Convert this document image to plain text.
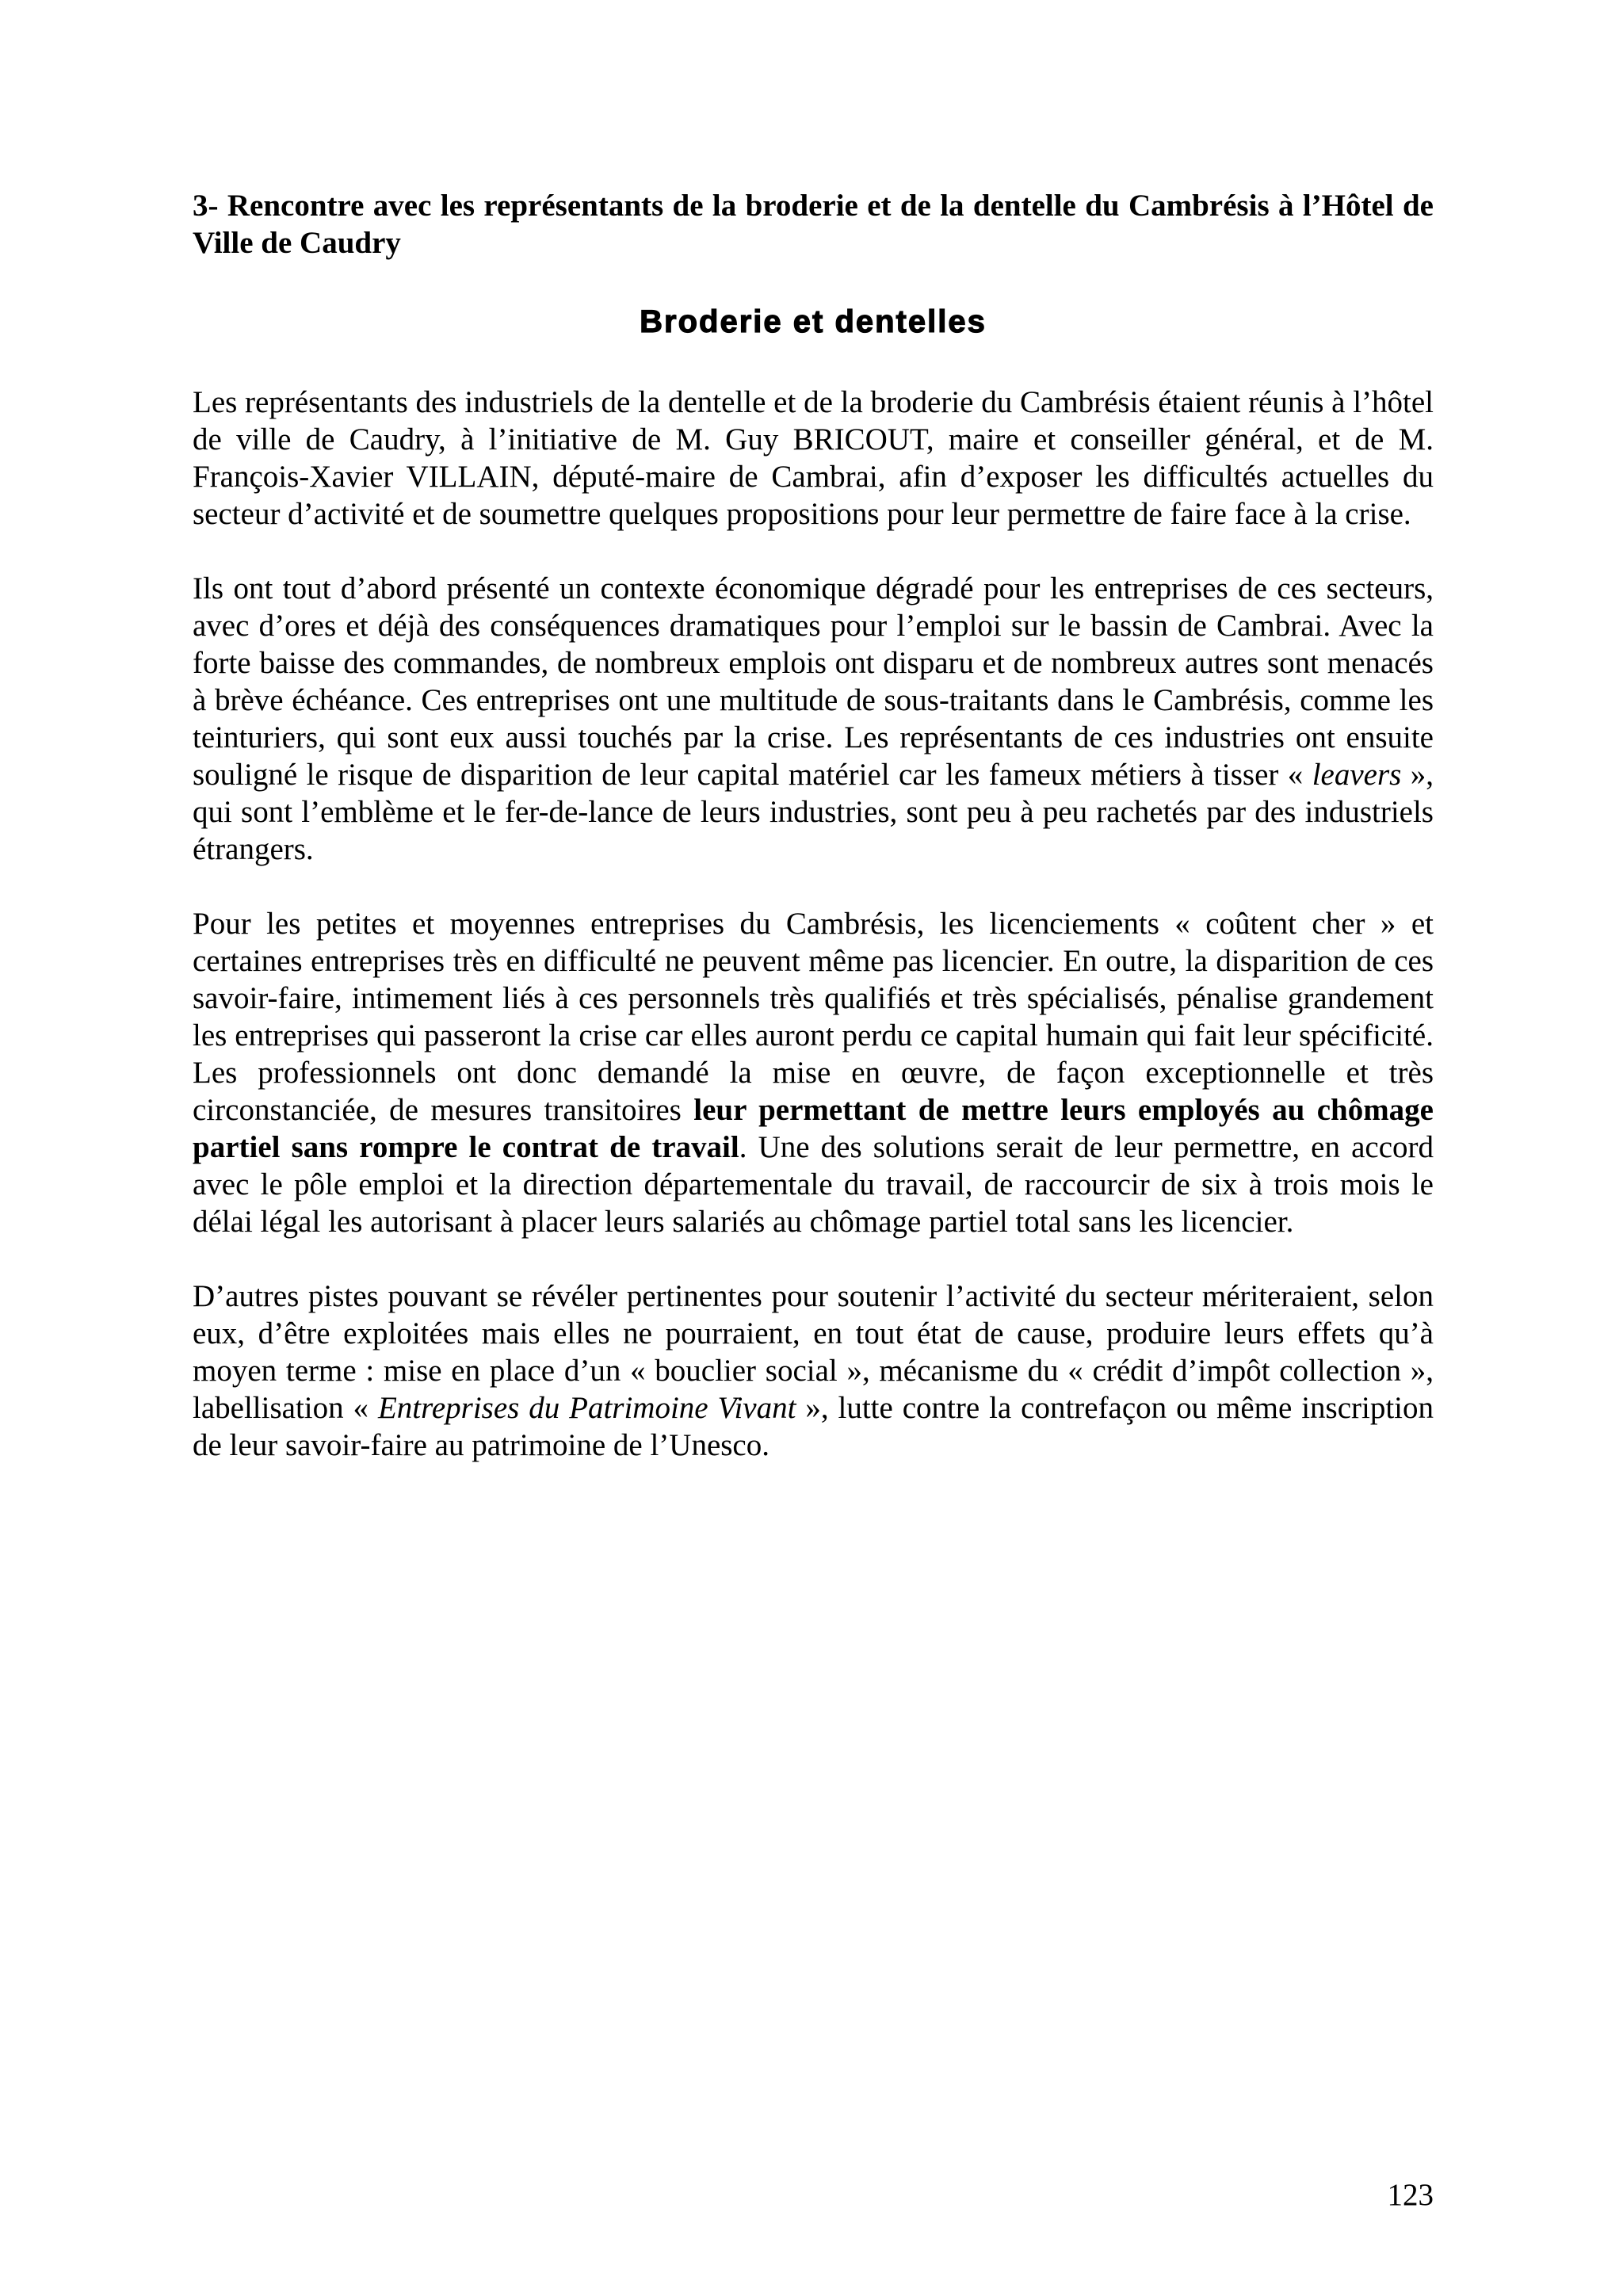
3- Rencontre avec les représentants de la broderie et de la dentelle du Cambrésis à l’Hôtel de Ville de Caudry

Broderie et dentelles

Les représentants des industriels de la dentelle et de la broderie du Cambrésis étaient réunis à l’hôtel de ville de Caudry, à l’initiative de M. Guy BRICOUT, maire et conseiller général, et de M. François-Xavier VILLAIN, député-maire de Cambrai, afin d’exposer les difficultés actuelles du secteur d’activité et de soumettre quelques propositions pour leur permettre de faire face à la crise.

Ils ont tout d’abord présenté un contexte économique dégradé pour les entreprises de ces secteurs, avec d’ores et déjà des conséquences dramatiques pour l’emploi sur le bassin de Cambrai. Avec la forte baisse des commandes, de nombreux emplois ont disparu et de nombreux autres sont menacés à brève échéance. Ces entreprises ont une multitude de sous-traitants dans le Cambrésis, comme les teinturiers, qui sont eux aussi touchés par la crise. Les représentants de ces industries ont ensuite souligné le risque de disparition de leur capital matériel car les fameux métiers à tisser « leavers », qui sont l’emblème et le fer-de-lance de leurs industries, sont peu à peu rachetés par des industriels étrangers.

Pour les petites et moyennes entreprises du Cambrésis, les licenciements « coûtent cher » et certaines entreprises très en difficulté ne peuvent même pas licencier. En outre, la disparition de ces savoir-faire, intimement liés à ces personnels très qualifiés et très spécialisés, pénalise grandement les entreprises qui passeront la crise car elles auront perdu ce capital humain qui fait leur spécificité. Les professionnels ont donc demandé la mise en œuvre, de façon exceptionnelle et très circonstanciée, de mesures transitoires leur permettant de mettre leurs employés au chômage partiel sans rompre le contrat de travail. Une des solutions serait de leur permettre, en accord avec le pôle emploi et la direction départementale du travail, de raccourcir de six à trois mois le délai légal les autorisant à placer leurs salariés au chômage partiel total sans les licencier.

D’autres pistes pouvant se révéler pertinentes pour soutenir l’activité du secteur mériteraient, selon eux, d’être exploitées mais elles ne pourraient, en tout état de cause, produire leurs effets qu’à moyen terme : mise en place d’un « bouclier social », mécanisme du « crédit d’impôt collection », labellisation « Entreprises du Patrimoine Vivant », lutte contre la contrefaçon ou même inscription de leur savoir-faire au patrimoine de l’Unesco.

123
